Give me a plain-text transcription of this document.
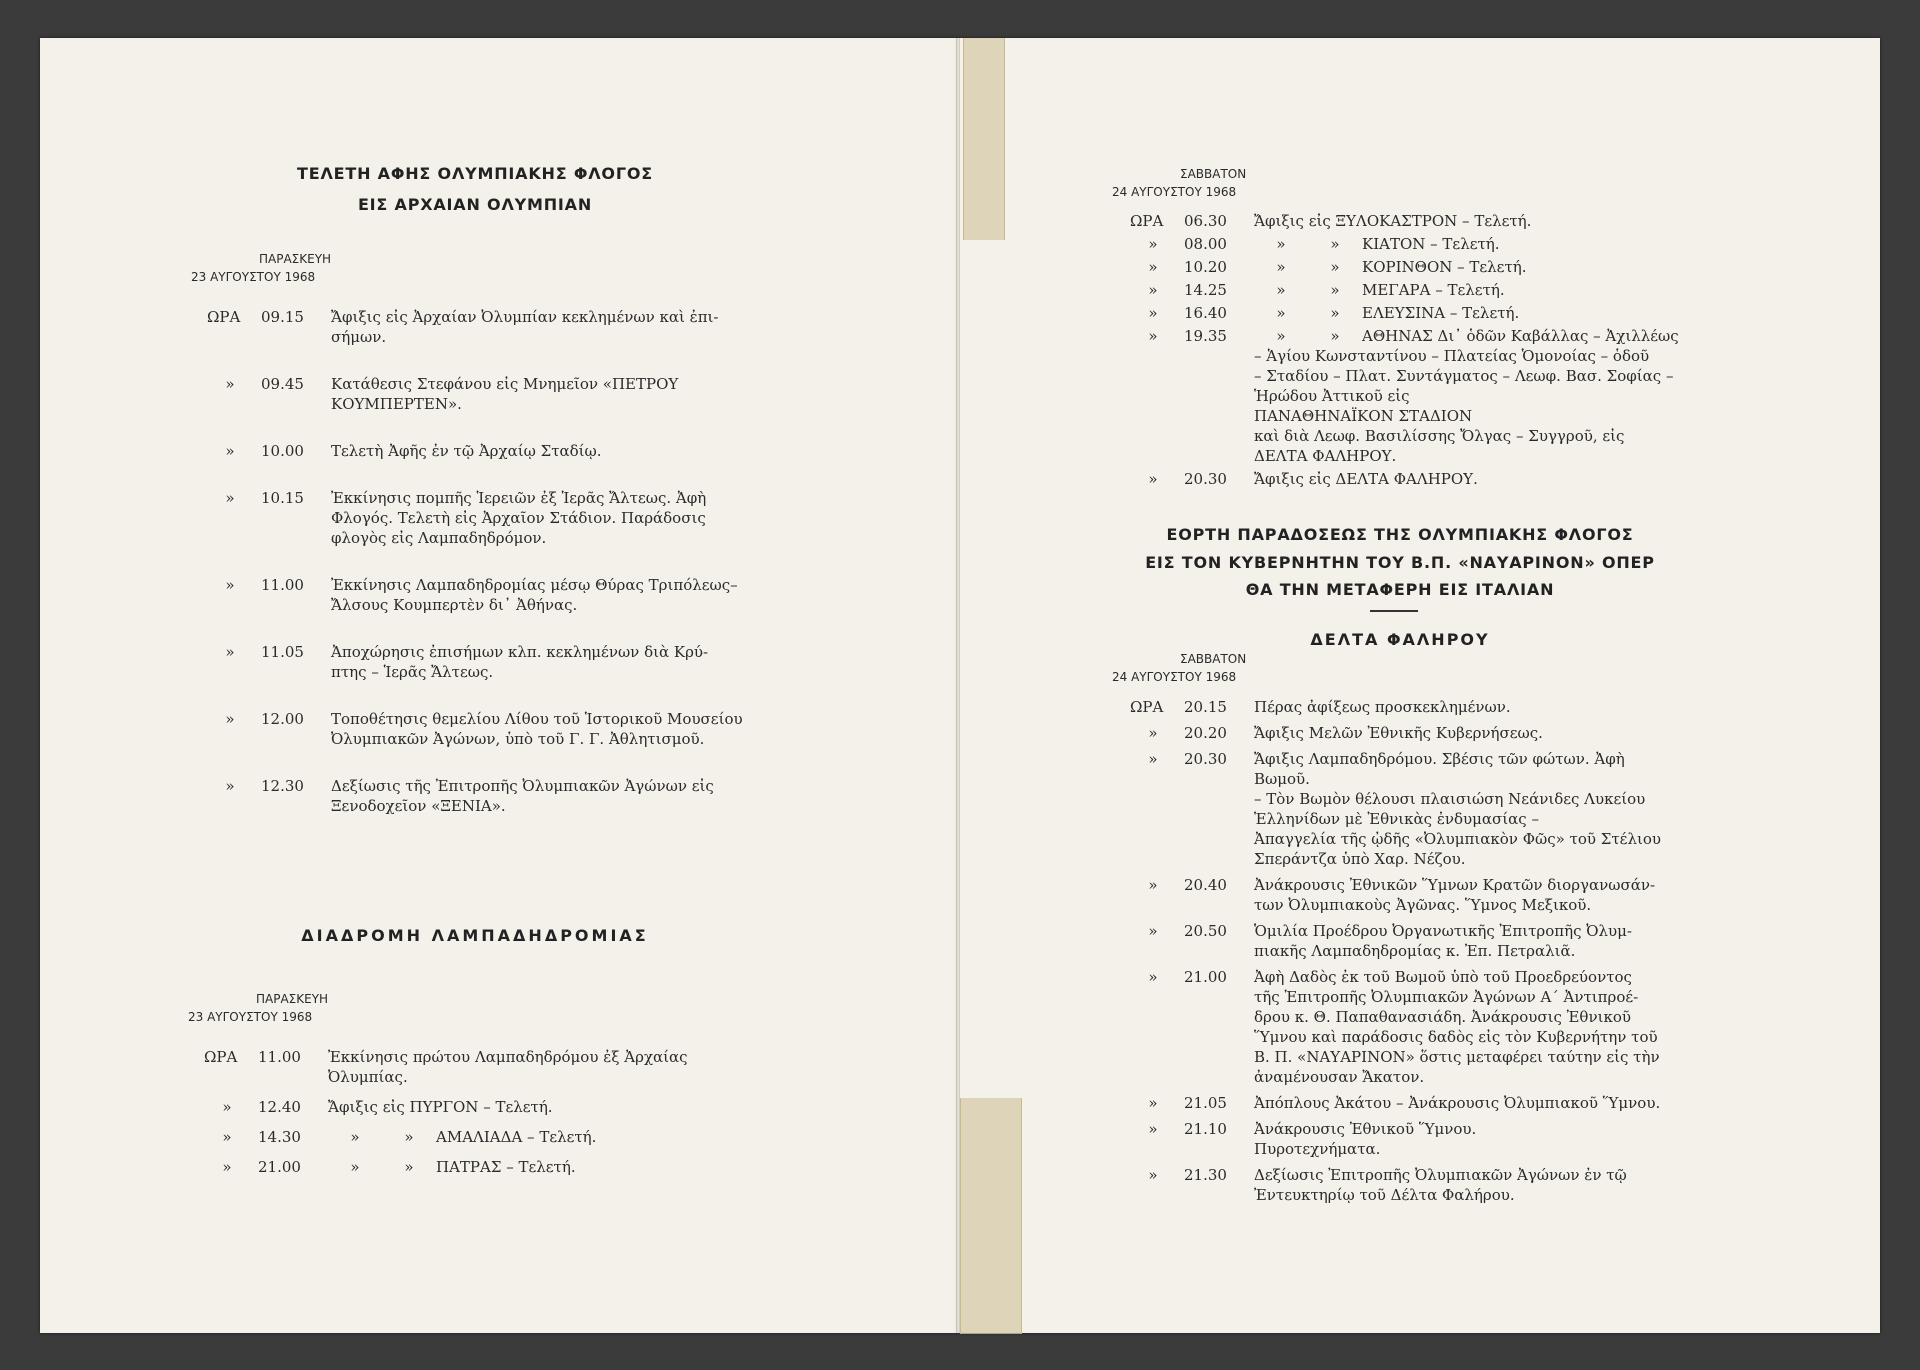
ΤΕΛΕΤΗ ΑΦΗΣ ΟΛΥΜΠΙΑΚΗΣ ΦΛΟΓΟΣ
ΕΙΣ ΑΡΧΑΙΑΝ ΟΛΥΜΠΙΑΝ
ΠΑΡΑΣΚΕΥΗ
23 ΑΥΓΟΥΣΤΟΥ 1968
ΩΡΑ	09.15	Ἄφιξις εἰς Ἀρχαίαν Ὀλυμπίαν κεκλημένων καὶ ἐπι-
σήμων.
»	09.45	Κατάθεσις Στεφάνου εἰς Μνημεῖον «ΠΕΤΡΟΥ
ΚΟΥΜΠΕΡΤΕΝ».
»	10.00	Τελετὴ Ἀφῆς ἐν τῷ Ἀρχαίῳ Σταδίῳ.
»	10.15	Ἐκκίνησις πομπῆς Ἱερειῶν ἐξ Ἱερᾶς Ἄλτεως. Ἀφὴ
Φλογός. Τελετὴ εἰς Ἀρχαῖον Στάδιον. Παράδοσις
φλογὸς εἰς Λαμπαδηδρόμον.
»	11.00	Ἐκκίνησις Λαμπαδηδρομίας μέσῳ Θύρας Τριπόλεως–
Ἄλσους Κουμπερτὲν δι᾿ Ἀθήνας.
»	11.05	Ἀποχώρησις ἐπισήμων κλπ. κεκλημένων διὰ Κρύ-
πτης – Ἱερᾶς Ἄλτεως.
»	12.00	Τοποθέτησις θεμελίου Λίθου τοῦ Ἱστορικοῦ Μουσείου
Ὀλυμπιακῶν Ἀγώνων, ὑπὸ τοῦ Γ. Γ. Ἀθλητισμοῦ.
»	12.30	Δεξίωσις τῆς Ἐπιτροπῆς Ὀλυμπιακῶν Ἀγώνων εἰς
Ξενοδοχεῖον «ΞΕΝΙΑ».
ΔΙΑΔΡΟΜΗ ΛΑΜΠΑΔΗΔΡΟΜΙΑΣ
ΠΑΡΑΣΚΕΥΗ
23 ΑΥΓΟΥΣΤΟΥ 1968
ΩΡΑ	11.00	Ἐκκίνησις πρώτου Λαμπαδηδρόμου ἐξ Ἀρχαίας
Ὀλυμπίας.
»	12.40	Ἄφιξις εἰς ΠΥΡΓΟΝ – Τελετή.
»	14.30	»	» ΑΜΑΛΙΑΔΑ – Τελετή.
»	21.00	»	» ΠΑΤΡΑΣ – Τελετή.
ΣΑΒΒΑΤΟΝ
24 ΑΥΓΟΥΣΤΟΥ 1968
ΩΡΑ	06.30	Ἄφιξις εἰς ΞΥΛΟΚΑΣΤΡΟΝ – Τελετή.
»	08.00	»	» ΚΙΑΤΟΝ – Τελετή.
»	10.20	»	» ΚΟΡΙΝΘΟΝ – Τελετή.
»	14.25	»	» ΜΕΓΑΡΑ – Τελετή.
»	16.40	»	» ΕΛΕΥΣΙΝΑ – Τελετή.
»	19.35	»	» ΑΘΗΝΑΣ Δι᾿ ὁδῶν Καβάλλας – Ἀχιλλέως
– Ἁγίου Κωνσταντίνου – Πλατείας Ὁμονοίας – ὁδοῦ
– Σταδίου – Πλατ. Συντάγματος – Λεωφ. Βασ. Σοφίας –
Ἡρώδου Ἀττικοῦ εἰς
ΠΑΝΑΘΗΝΑΪΚΟΝ ΣΤΑΔΙΟΝ
καὶ διὰ Λεωφ. Βασιλίσσης Ὄλγας – Συγγροῦ, εἰς
ΔΕΛΤΑ ΦΑΛΗΡΟΥ.
»	20.30	Ἄφιξις εἰς ΔΕΛΤΑ ΦΑΛΗΡΟΥ.
ΕΟΡΤΗ ΠΑΡΑΔΟΣΕΩΣ ΤΗΣ ΟΛΥΜΠΙΑΚΗΣ ΦΛΟΓΟΣ
ΕΙΣ ΤΟΝ ΚΥΒΕΡΝΗΤΗΝ ΤΟΥ Β.Π. «ΝΑΥΑΡΙΝΟΝ» ΟΠΕΡ
ΘΑ ΤΗΝ ΜΕΤΑΦΕΡΗ ΕΙΣ ΙΤΑΛΙΑΝ
ΔΕΛΤΑ ΦΑΛΗΡΟΥ
ΣΑΒΒΑΤΟΝ
24 ΑΥΓΟΥΣΤΟΥ 1968
ΩΡΑ	20.15	Πέρας ἀφίξεως προσκεκλημένων.
»	20.20	Ἄφιξις Μελῶν Ἐθνικῆς Κυβερνήσεως.
»	20.30	Ἄφιξις Λαμπαδηδρόμου. Σβέσις τῶν φώτων. Ἀφὴ
Βωμοῦ.
– Τὸν Βωμὸν θέλουσι πλαισιώση Νεάνιδες Λυκείου
Ἑλληνίδων μὲ Ἐθνικὰς ἐνδυμασίας –
Ἀπαγγελία τῆς ᾠδῆς «Ὀλυμπιακὸν Φῶς» τοῦ Στέλιου
Σπεράντζα ὑπὸ Χαρ. Νέζου.
»	20.40	Ἀνάκρουσις Ἐθνικῶν Ὕμνων Κρατῶν διοργανωσάν-
των Ὀλυμπιακοὺς Ἀγῶνας. Ὕμνος Μεξικοῦ.
»	20.50	Ὁμιλία Προέδρου Ὀργανωτικῆς Ἐπιτροπῆς Ὀλυμ-
πιακῆς Λαμπαδηδρομίας κ. Ἐπ. Πετραλιᾶ.
»	21.00	Ἀφὴ Δαδὸς ἐκ τοῦ Βωμοῦ ὑπὸ τοῦ Προεδρεύοντος
τῆς Ἐπιτροπῆς Ὀλυμπιακῶν Ἀγώνων Α΄ Ἀντιπροέ-
δρου κ. Θ. Παπαθανασιάδη. Ἀνάκρουσις Ἐθνικοῦ
Ὕμνου καὶ παράδοσις δαδὸς εἰς τὸν Κυβερνήτην τοῦ
Β. Π. «ΝΑΥΑΡΙΝΟΝ» ὅστις μεταφέρει ταύτην εἰς τὴν
ἀναμένουσαν Ἄκατον.
»	21.05	Ἀπόπλους Ἀκάτου – Ἀνάκρουσις Ὀλυμπιακοῦ Ὕμνου.
»	21.10	Ἀνάκρουσις Ἐθνικοῦ Ὕμνου.
Πυροτεχνήματα.
»	21.30	Δεξίωσις Ἐπιτροπῆς Ὀλυμπιακῶν Ἀγώνων ἐν τῷ
Ἐντευκτηρίῳ τοῦ Δέλτα Φαλήρου.
